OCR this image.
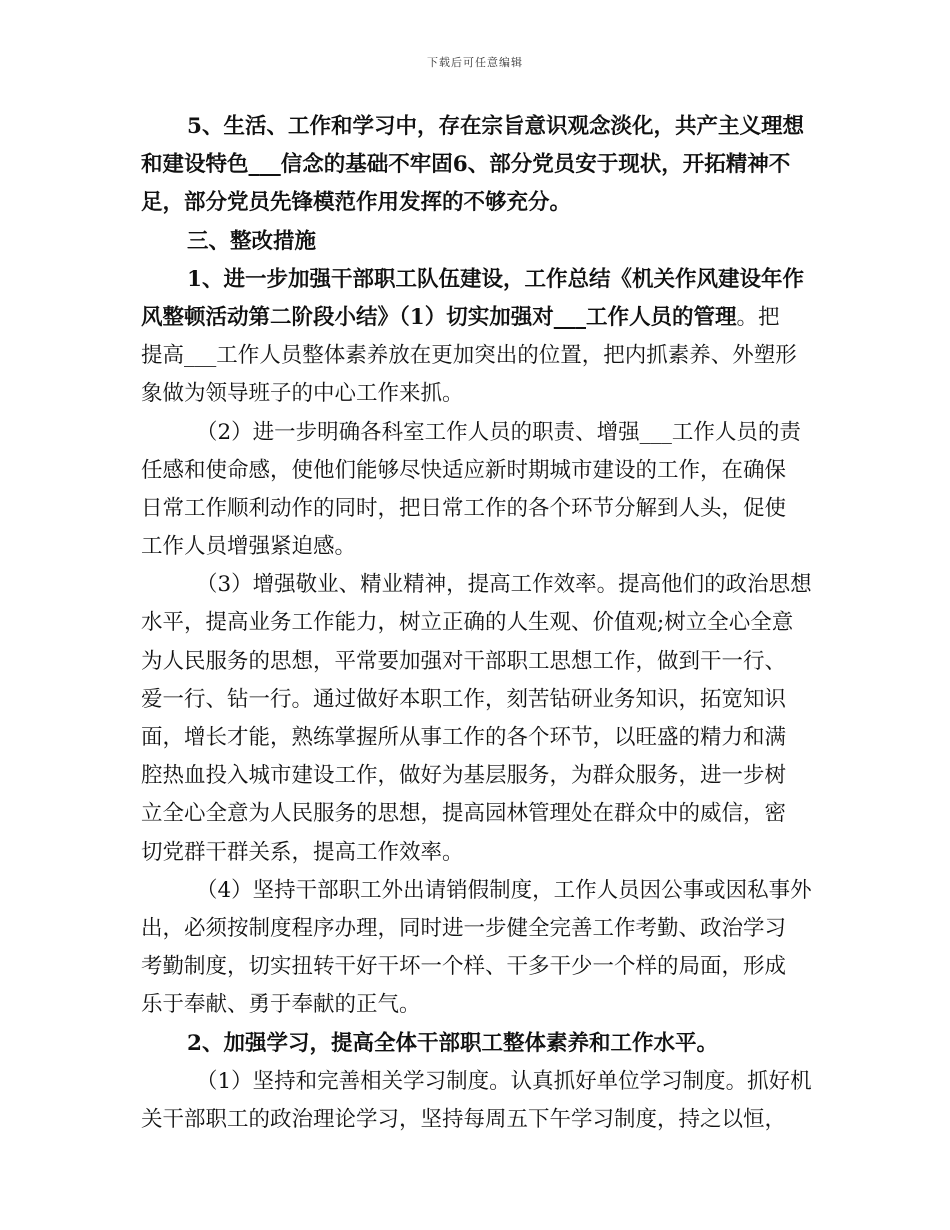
下载后可任意编辑
5、生活、工作和学习中，存在宗旨意识观念淡化，共产主义理想
和建设特色___信念的基础不牢固6、部分党员安于现状，开拓精神不
足，部分党员先锋模范作用发挥的不够充分。
三、整改措施
1、进一步加强干部职工队伍建设，工作总结《机关作风建设年作
风整顿活动第二阶段小结》（1）切实加强对___工作人员的管理。把
提高___工作人员整体素养放在更加突出的位置，把内抓素养、外塑形
象做为领导班子的中心工作来抓。
（2）进一步明确各科室工作人员的职责、增强___工作人员的责
任感和使命感，使他们能够尽快适应新时期城市建设的工作，在确保
日常工作顺利动作的同时，把日常工作的各个环节分解到人头，促使
工作人员增强紧迫感。
（3）增强敬业、精业精神，提高工作效率。提高他们的政治思想
水平，提高业务工作能力，树立正确的人生观、价值观;树立全心全意
为人民服务的思想，平常要加强对干部职工思想工作，做到干一行、
爱一行、钻一行。通过做好本职工作，刻苦钻研业务知识，拓宽知识
面，增长才能，熟练掌握所从事工作的各个环节，以旺盛的精力和满
腔热血投入城市建设工作，做好为基层服务，为群众服务，进一步树
立全心全意为人民服务的思想，提高园林管理处在群众中的威信，密
切党群干群关系，提高工作效率。
（4）坚持干部职工外出请销假制度，工作人员因公事或因私事外
出，必须按制度程序办理，同时进一步健全完善工作考勤、政治学习
考勤制度，切实扭转干好干坏一个样、干多干少一个样的局面，形成
乐于奉献、勇于奉献的正气。
2、加强学习，提高全体干部职工整体素养和工作水平。
（1）坚持和完善相关学习制度。认真抓好单位学习制度。抓好机
关干部职工的政治理论学习，坚持每周五下午学习制度，持之以恒，
